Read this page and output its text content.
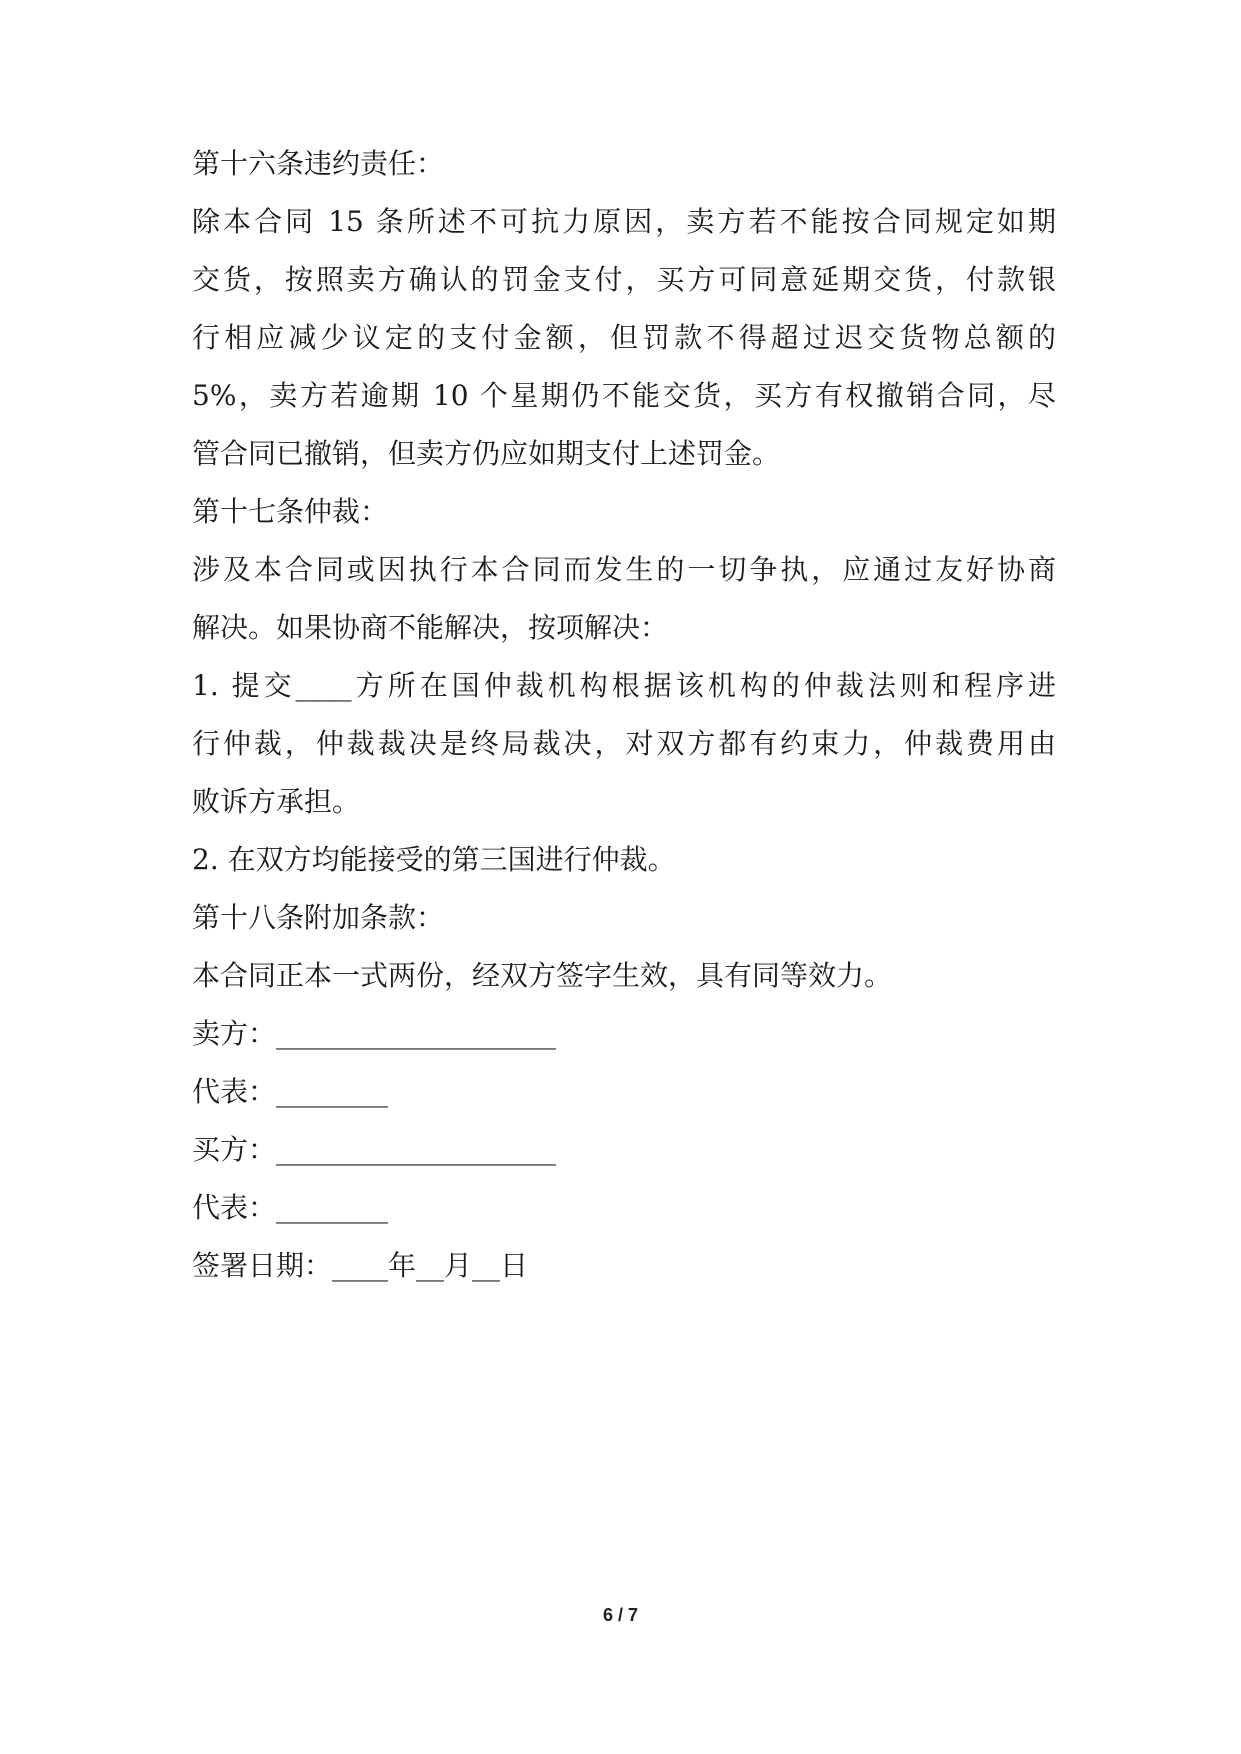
第十六条违约责任：
除本合同 15 条所述不可抗力原因，卖方若不能按合同规定如期
交货，按照卖方确认的罚金支付，买方可同意延期交货，付款银
行相应减少议定的支付金额，但罚款不得超过迟交货物总额的
5%，卖方若逾期 10 个星期仍不能交货，买方有权撤销合同，尽
管合同已撤销，但卖方仍应如期支付上述罚金。
第十七条仲裁：
涉及本合同或因执行本合同而发生的一切争执，应通过友好协商
解决。如果协商不能解决，按项解决：
1. 提交____方所在国仲裁机构根据该机构的仲裁法则和程序进
行仲裁，仲裁裁决是终局裁决，对双方都有约束力，仲裁费用由
败诉方承担。
2. 在双方均能接受的第三国进行仲裁。
第十八条附加条款：
本合同正本一式两份，经双方签字生效，具有同等效力。
卖方：____________________
代表：________
买方：____________________
代表：________
签署日期：____年__月__日
6 / 7
